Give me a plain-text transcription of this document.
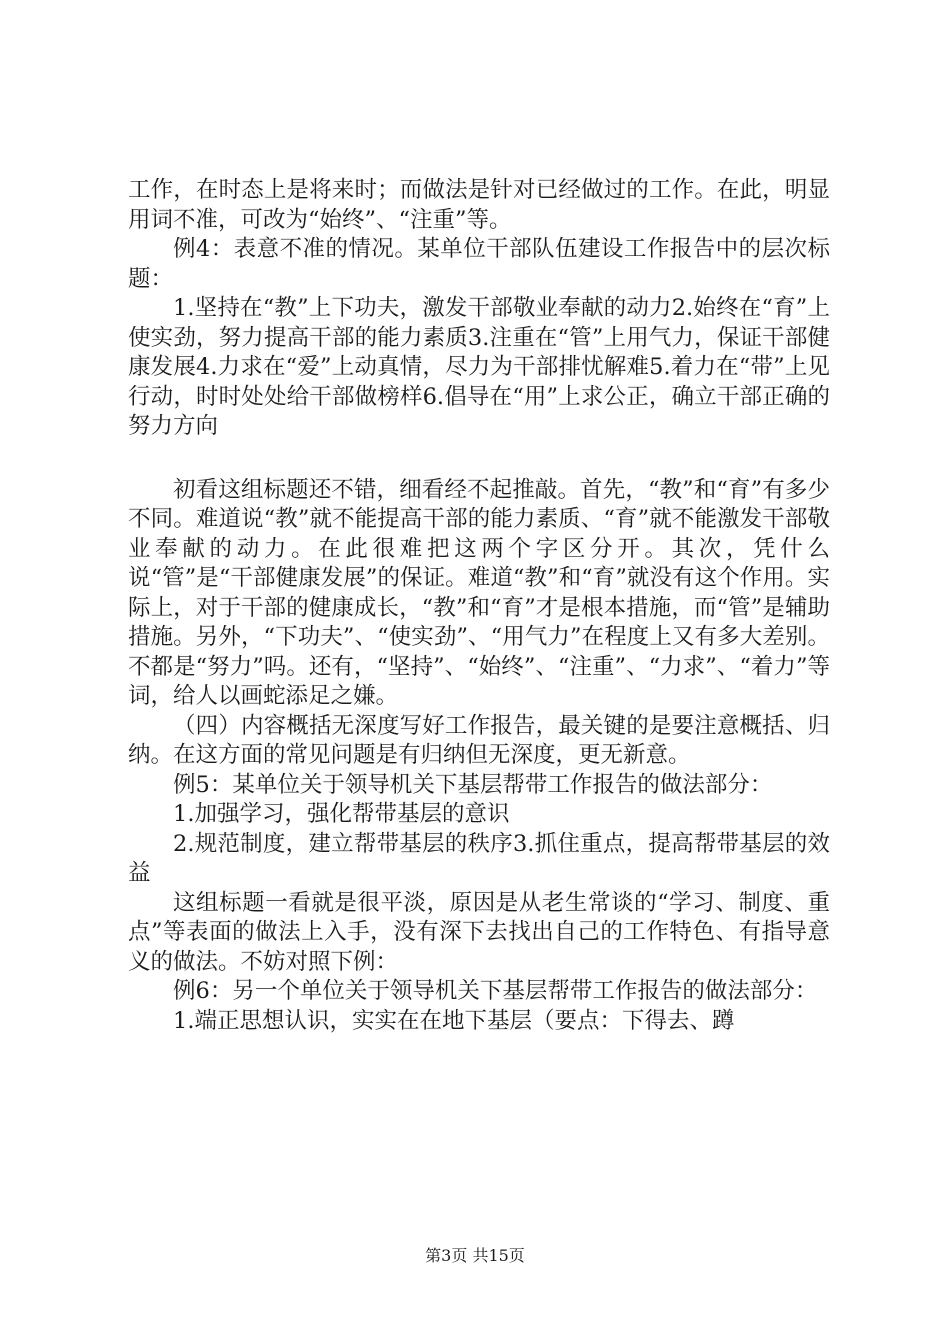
工作，在时态上是将来时；而做法是针对已经做过的工作。在此，明显用词不准，可改为“始终”、“注重”等。

例4：表意不准的情况。某单位干部队伍建设工作报告中的层次标题：

1.坚持在“教”上下功夫，激发干部敬业奉献的动力2.始终在“育”上使实劲，努力提高干部的能力素质3.注重在“管”上用气力，保证干部健康发展4.力求在“爱”上动真情，尽力为干部排忧解难5.着力在“带”上见行动，时时处处给干部做榜样6.倡导在“用”上求公正，确立干部正确的努力方向

初看这组标题还不错，细看经不起推敲。首先，“教”和“育”有多少不同。难道说“教”就不能提高干部的能力素质、“育”就不能激发干部敬业奉献的动力。在此很难把这两个字区分开。其次，凭什么说“管”是“干部健康发展”的保证。难道“教”和“育”就没有这个作用。实际上，对于干部的健康成长，“教”和“育”才是根本措施，而“管”是辅助措施。另外，“下功夫”、“使实劲”、“用气力”在程度上又有多大差别。不都是“努力”吗。还有，“坚持”、“始终”、“注重”、“力求”、“着力”等词，给人以画蛇添足之嫌。

（四）内容概括无深度写好工作报告，最关键的是要注意概括、归纳。在这方面的常见问题是有归纳但无深度，更无新意。

例5：某单位关于领导机关下基层帮带工作报告的做法部分：

1.加强学习，强化帮带基层的意识

2.规范制度，建立帮带基层的秩序3.抓住重点，提高帮带基层的效益

这组标题一看就是很平淡，原因是从老生常谈的“学习、制度、重点”等表面的做法上入手，没有深下去找出自己的工作特色、有指导意义的做法。不妨对照下例：

例6：另一个单位关于领导机关下基层帮带工作报告的做法部分：

1.端正思想认识，实实在在地下基层（要点：下得去、蹲

第3页 共15页
